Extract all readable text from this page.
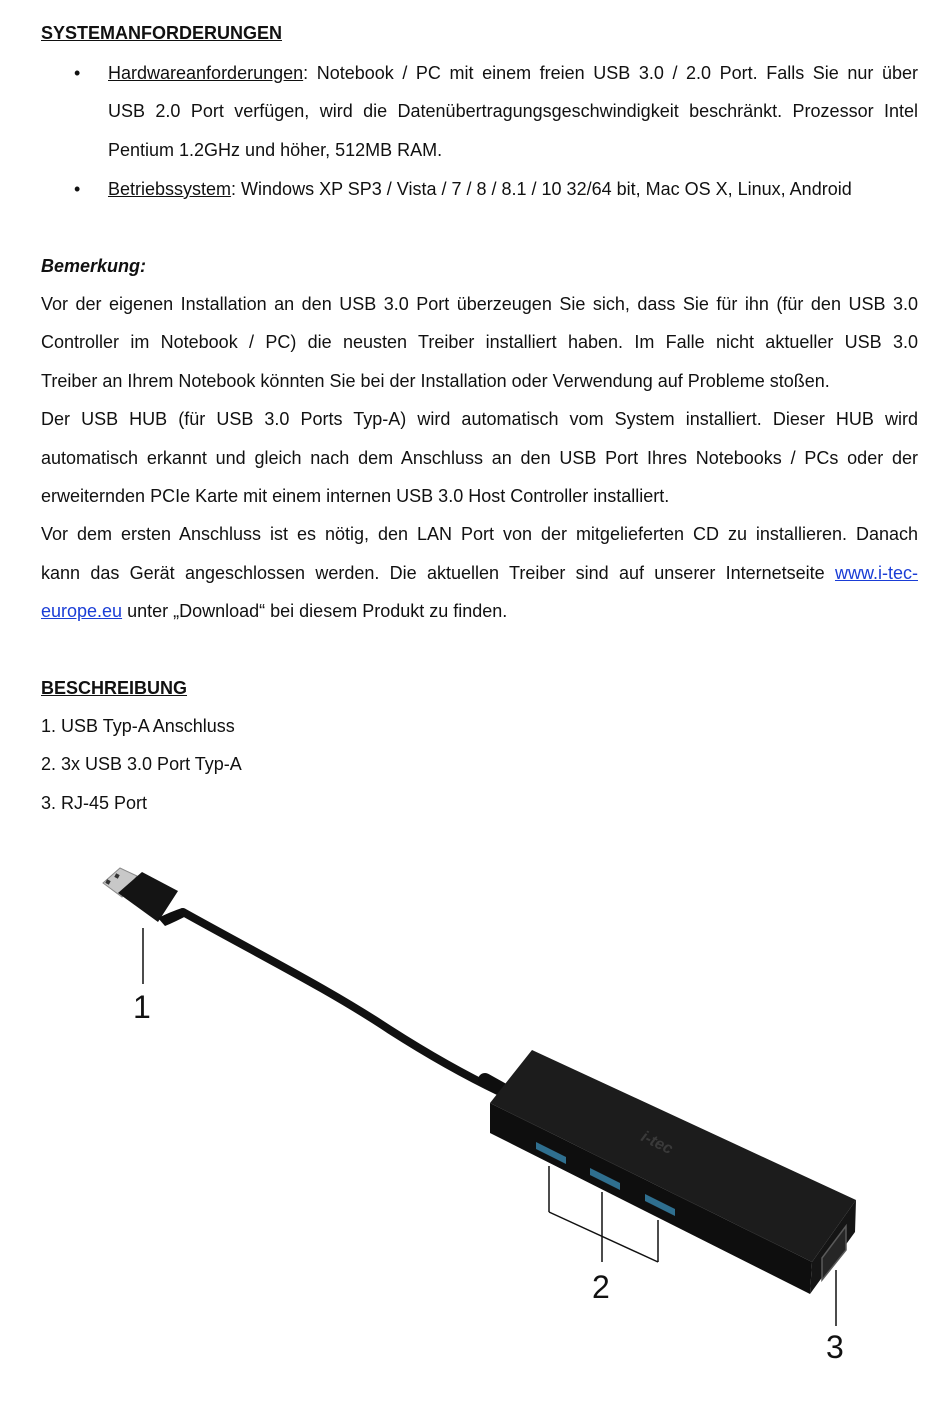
SYSTEMANFORDERUNGEN
• Hardwareanforderungen: Notebook / PC mit einem freien USB 3.0 / 2.0 Port. Falls Sie nur über
USB 2.0 Port verfügen, wird die Datenübertragungsgeschwindigkeit beschränkt. Prozessor Intel
Pentium 1.2GHz und höher, 512MB RAM.
• Betriebssystem: Windows XP SP3 / Vista / 7 / 8 / 8.1 / 10 32/64 bit, Mac OS X, Linux, Android
Bemerkung:
Vor der eigenen Installation an den USB 3.0 Port überzeugen Sie sich, dass Sie für ihn (für den USB 3.0
Controller im Notebook / PC) die neusten Treiber installiert haben. Im Falle nicht aktueller USB 3.0
Treiber an Ihrem Notebook könnten Sie bei der Installation oder Verwendung auf Probleme stoßen.
Der USB HUB (für USB 3.0 Ports Typ-A) wird automatisch vom System installiert. Dieser HUB wird
automatisch erkannt und gleich nach dem Anschluss an den USB Port Ihres Notebooks / PCs oder der
erweiternden PCIe Karte mit einem internen USB 3.0 Host Controller installiert.
Vor dem ersten Anschluss ist es nötig, den LAN Port von der mitgelieferten CD zu installieren. Danach
kann das Gerät angeschlossen werden. Die aktuellen Treiber sind auf unserer Internetseite www.i-tec-
europe.eu unter „Download“ bei diesem Produkt zu finden.
BESCHREIBUNG
1. USB Typ-A Anschluss
2. 3x USB 3.0 Port Typ-A
3. RJ-45 Port
i-tec
1
2
3
